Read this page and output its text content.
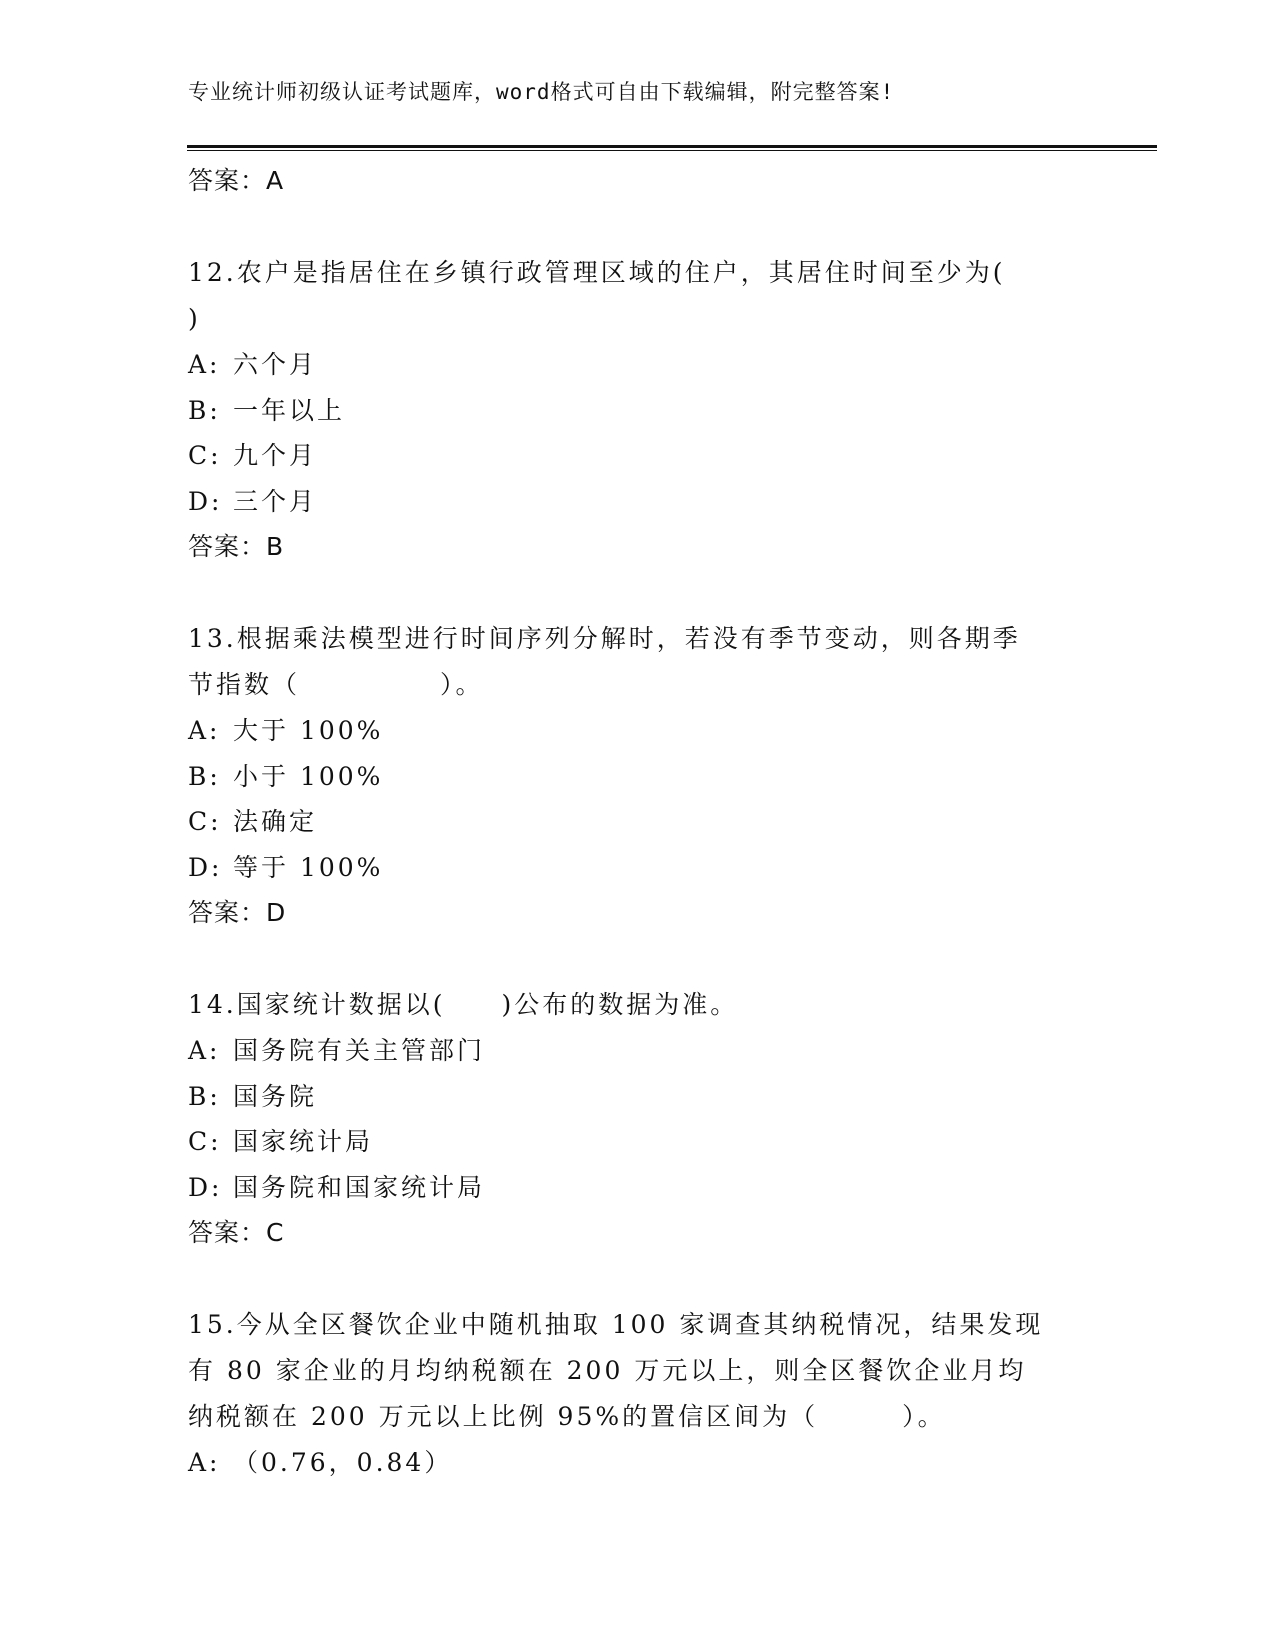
专业统计师初级认证考试题库，word格式可自由下载编辑，附完整答案!
答案：A
12.农户是指居住在乡镇行政管理区域的住户，其居住时间至少为(
)
A: 六个月
B: 一年以上
C: 九个月
D: 三个月
答案：B
13.根据乘法模型进行时间序列分解时，若没有季节变动，则各期季节指数（　　　　　）。
A: 大于 100%
B: 小于 100%
C: 法确定
D: 等于 100%
答案：D
14.国家统计数据以(　　)公布的数据为准。
A: 国务院有关主管部门
B: 国务院
C: 国家统计局
D: 国务院和国家统计局
答案：C
15.今从全区餐饮企业中随机抽取 100 家调查其纳税情况，结果发现有 80 家企业的月均纳税额在 200 万元以上，则全区餐饮企业月均纳税额在 200 万元以上比例 95%的置信区间为（　　　）。
A: （0.76，0.84）
